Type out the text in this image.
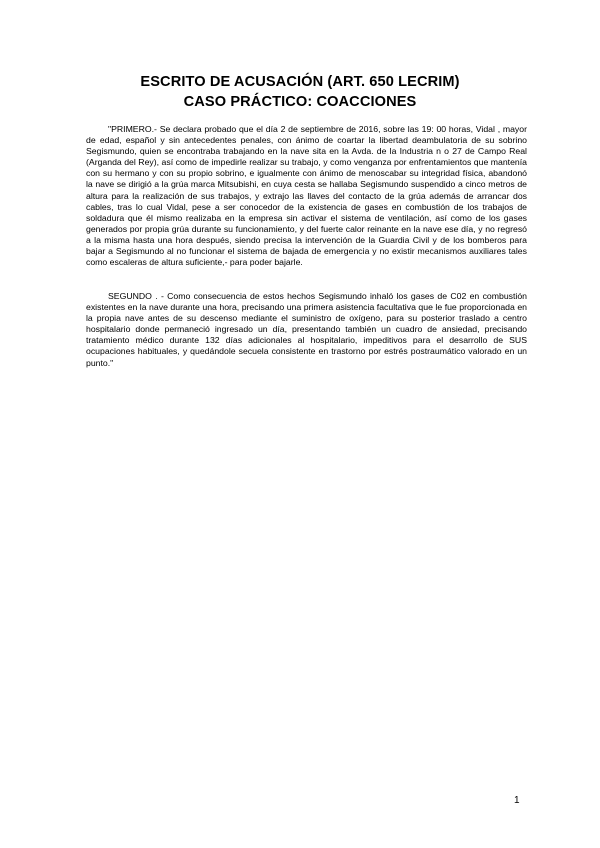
ESCRITO DE ACUSACIÓN (ART. 650 LECRIM)
CASO PRÁCTICO: COACCIONES

"PRIMERO.- Se declara probado que el día 2 de septiembre de 2016, sobre las 19: 00 horas, Vidal , mayor de edad, español y sin antecedentes penales, con ánimo de coartar la libertad deambulatoria de su sobrino Segismundo, quien se encontraba trabajando en la nave sita en la Avda. de la Industria n o 27 de Campo Real (Arganda del Rey), así como de impedirle realizar su trabajo, y como venganza por enfrentamientos que mantenía con su hermano y con su propio sobrino, e igualmente con ánimo de menoscabar su integridad física, abandonó la nave se dirigió a la grúa marca Mitsubishi, en cuya cesta se hallaba Segismundo suspendido a cinco metros de altura para la realización de sus trabajos, y extrajo las llaves del contacto de la grúa además de arrancar dos cables, tras lo cual Vidal, pese a ser conocedor de la existencia de gases en combustión de los trabajos de soldadura que él mismo realizaba en la empresa sin activar el sistema de ventilación, así como de los gases generados por propia grúa durante su funcionamiento, y del fuerte calor reinante en la nave ese día, y no regresó a la misma hasta una hora después, siendo precisa la intervención de la Guardia Civil y de los bomberos para bajar a Segismundo al no funcionar el sistema de bajada de emergencia y no existir mecanismos auxiliares tales como escaleras de altura suficiente,- para poder bajarle.

SEGUNDO . - Como consecuencia de estos hechos Segismundo inhaló los gases de C02 en combustión existentes en la nave durante una hora, precisando una primera asistencia facultativa que le fue proporcionada en la propia nave antes de su descenso mediante el suministro de oxígeno, para su posterior traslado a centro hospitalario donde permaneció ingresado un día, presentando también un cuadro de ansiedad, precisando tratamiento médico durante 132 días adicionales al hospitalario, impeditivos para el desarrollo de SUS ocupaciones habituales, y quedándole secuela consistente en trastorno por estrés postraumático valorado en un punto."

1
